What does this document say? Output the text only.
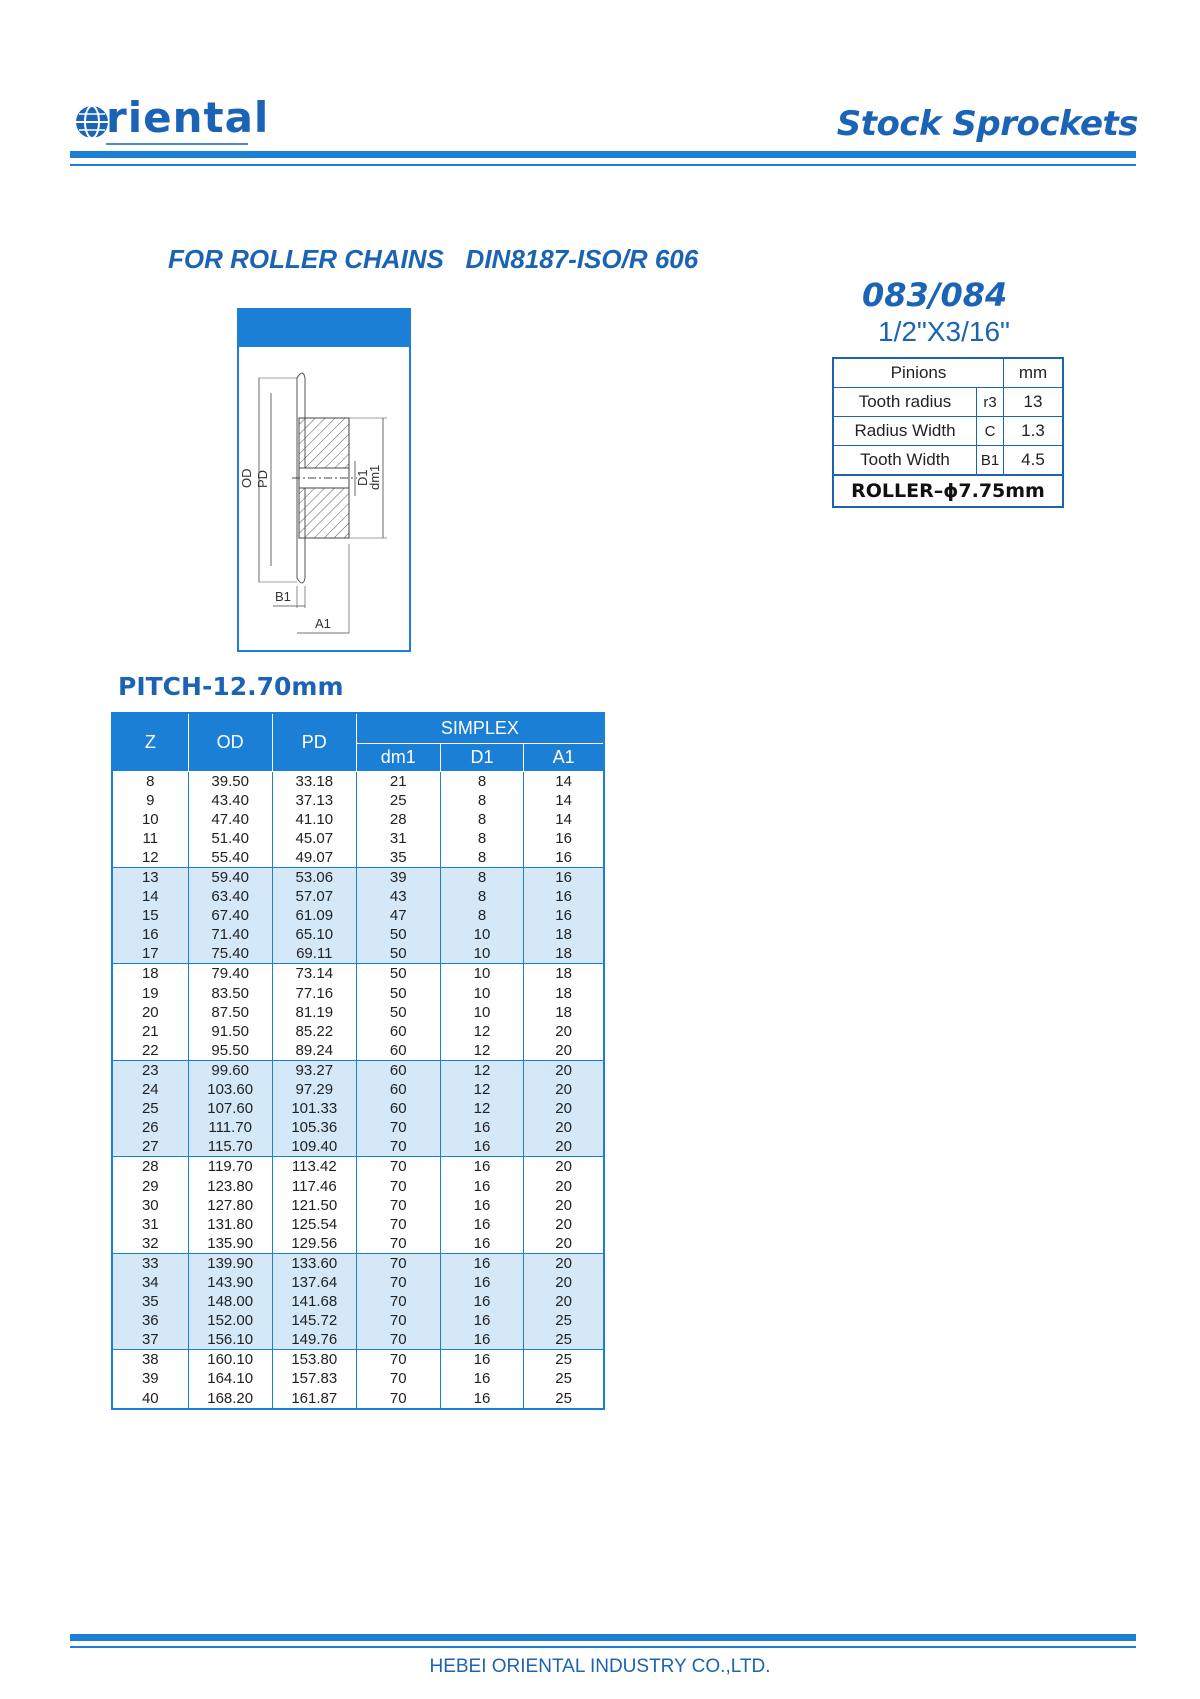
riental	Stock Sprockets
FOR ROLLER CHAINS   DIN8187-ISO/R 606
083/084
1/2"X3/16"
Pinions		mm
Tooth radius	r3	13
Radius Width	C	1.3
Tooth Width	B1	4.5
ROLLER–ϕ7.75mm		
OD PD	D1
dm1
B1
A1
PITCH-12.70mm
Z	OD	PD	SIMPLEX		
			dm1	D1	A1
8	39.50	33.18	21	8	14
9	43.40	37.13	25	8	14
10	47.40	41.10	28	8	14
11	51.40	45.07	31	8	16
12	55.40	49.07	35	8	16
13	59.40	53.06	39	8	16
14	63.40	57.07	43	8	16
15	67.40	61.09	47	8	16
16	71.40	65.10	50	10	18
17	75.40	69.11	50	10	18
18	79.40	73.14	50	10	18
19	83.50	77.16	50	10	18
20	87.50	81.19	50	10	18
21	91.50	85.22	60	12	20
22	95.50	89.24	60	12	20
23	99.60	93.27	60	12	20
24	103.60	97.29	60	12	20
25	107.60	101.33	60	12	20
26	111.70	105.36	70	16	20
27	115.70	109.40	70	16	20
28	119.70	113.42	70	16	20
29	123.80	117.46	70	16	20
30	127.80	121.50	70	16	20
31	131.80	125.54	70	16	20
32	135.90	129.56	70	16	20
33	139.90	133.60	70	16	20
34	143.90	137.64	70	16	20
35	148.00	141.68	70	16	20
36	152.00	145.72	70	16	25
37	156.10	149.76	70	16	25
38	160.10	153.80	70	16	25
39	164.10	157.83	70	16	25
40	168.20	161.87	70	16	25
HEBEI ORIENTAL INDUSTRY CO.,LTD.
